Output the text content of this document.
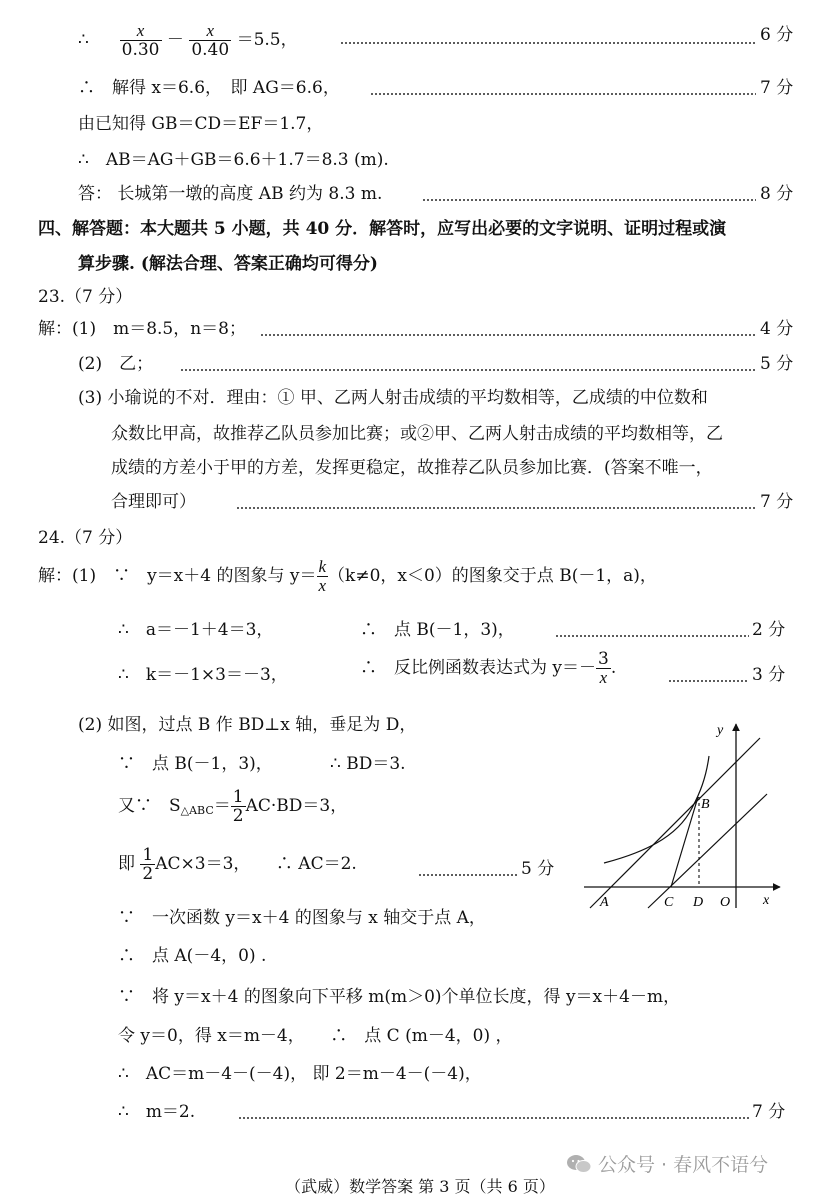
∴ $\frac{x}{0.30} - \frac{x}{0.40} =5.5$，	6 分
∴　解得 x＝6.6，　即 AG＝6.6，	7 分
由已知得 GB＝CD＝EF＝1.7，
∴　AB＝AG＋GB＝6.6＋1.7＝8.3 (m).
答： 长城第一墩的高度 AB 约为 8.3 m.	8 分
四、解答题：本大题共 5 小题，共 40 分．解答时，应写出必要的文字说明、证明过程或演
算步骤. (解法合理、答案正确均可得分)
23.（7 分）
解：(1)　m＝8.5，n＝8；	4 分
(2)　乙；	5 分
(3) 小瑜说的不对．理由：① 甲、乙两人射击成绩的平均数相等，乙成绩的中位数和
众数比甲高，故推荐乙队员参加比赛；或②甲、乙两人射击成绩的平均数相等，乙
成绩的方差小于甲的方差，发挥更稳定，故推荐乙队员参加比赛．(答案不唯一，
合理即可）	7 分
24.（7 分）
解：(1)　∵　y＝x＋4 的图象与 $y= \frac{k}{x} (k\ne 0$，x＜0）的图象交于点 B(－1，a)，
∴　a＝－1＋4＝3，	∴　点 B(－1，3)，	2 分
∴　k＝－1×3＝－3，	∴　反比例函数表达式为 $y=- \frac{3}{x}$ .	3 分
(2) 如图，过点 B 作 BD⊥x 轴，垂足为 D，
∵　点 B(－1，3)，	∴ BD＝3.
又∵　$S_{\triangle ABC}= \frac{1}{2} AC\cdot BD=3$，
即 $\frac{1}{2} AC\times 3=3$，　　∴ AC＝2.	5 分
∵　一次函数 y＝x＋4 的图象与 x 轴交于点 A，
∴　点 A(－4，0) .
∵　将 y＝x＋4 的图象向下平移 m(m＞0)个单位长度，得 y＝x＋4－m，
令 y＝0，得 x＝m－4，　　∴　点 C (m－4，0) ，
∴　AC＝m－4－(－4)， 即 2＝m－4－(－4)，
∴　m＝2.	7 分
y
x
A	C D O
B
公众号 · 春风不语兮
（武威）数学答案 第 3 页（共 6 页）
